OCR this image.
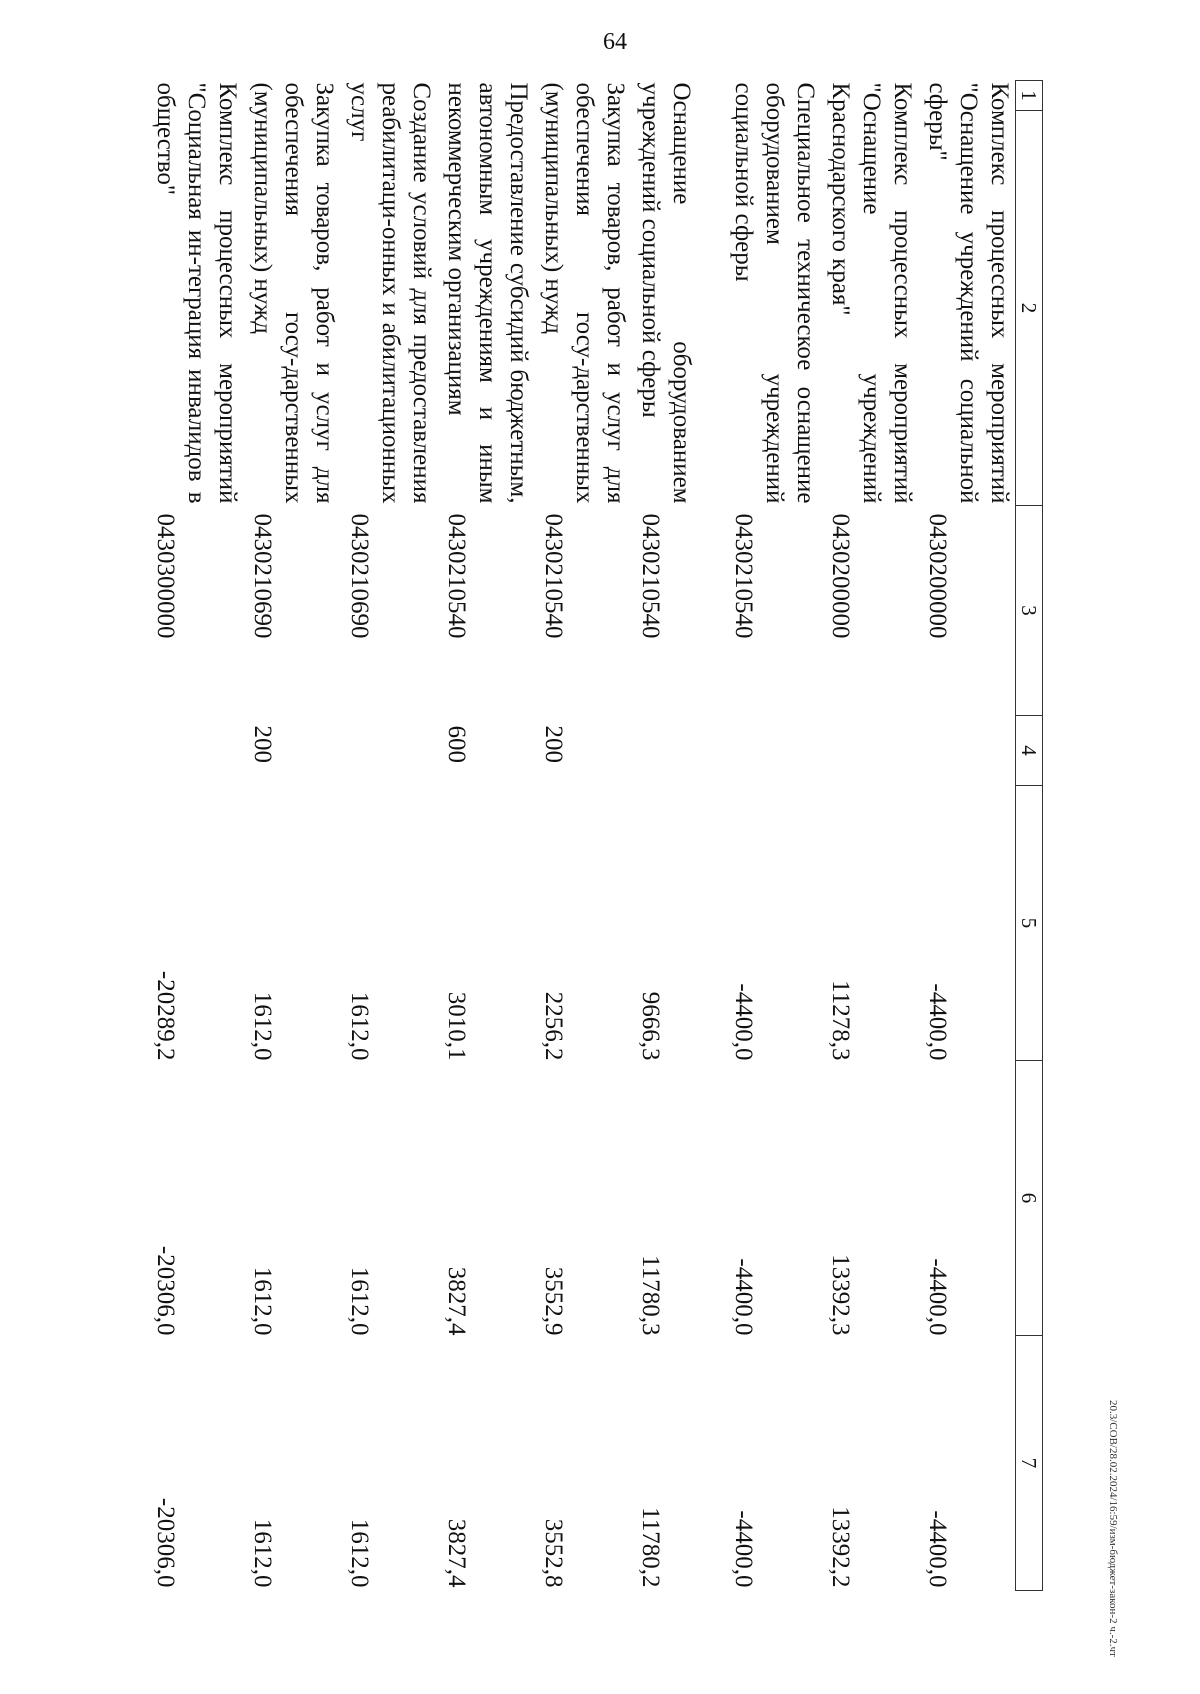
64
1	2	3	4	5	6	7
Комплекс процессных мероприятий "Оснащение учреждений социальной сферы"		0430200000		-4400,0	-4400,0	-4400,0
Комплекс процессных мероприятий "Оснащение учреждений Краснодарского края"		0430200000		11278,3	13392,3	13392,2
Специальное техническое оснащение оборудованием учреждений социальной сферы		0430210540		-4400,0	-4400,0	-4400,0
Оснащение оборудованием учреждений социальной сферы		0430210540		9666,3	11780,3	11780,2
Закупка товаров, работ и услуг для обеспечения госу-дарственных (муниципальных) нужд		0430210540	200	2256,2	3552,9	3552,8
Предоставление субсидий бюджетным, автономным учреждениям и иным некоммерческим организациям		0430210540	600	3010,1	3827,4	3827,4
Создание условий для предоставления реабилитаци-онных и абилитационных услуг		0430210690		1612,0	1612,0	1612,0
Закупка товаров, работ и услуг для обеспечения госу-дарственных (муниципальных) нужд		0430210690	200	1612,0	1612,0	1612,0
Комплекс процессных мероприятий "Социальная ин-теграция инвалидов в общество"		0430300000		-20289,2	-20306,0	-20306,0	20.3/СОВ/28.02.2024/16:59/изм-бюджет-закон-2 ч.-2.чт
